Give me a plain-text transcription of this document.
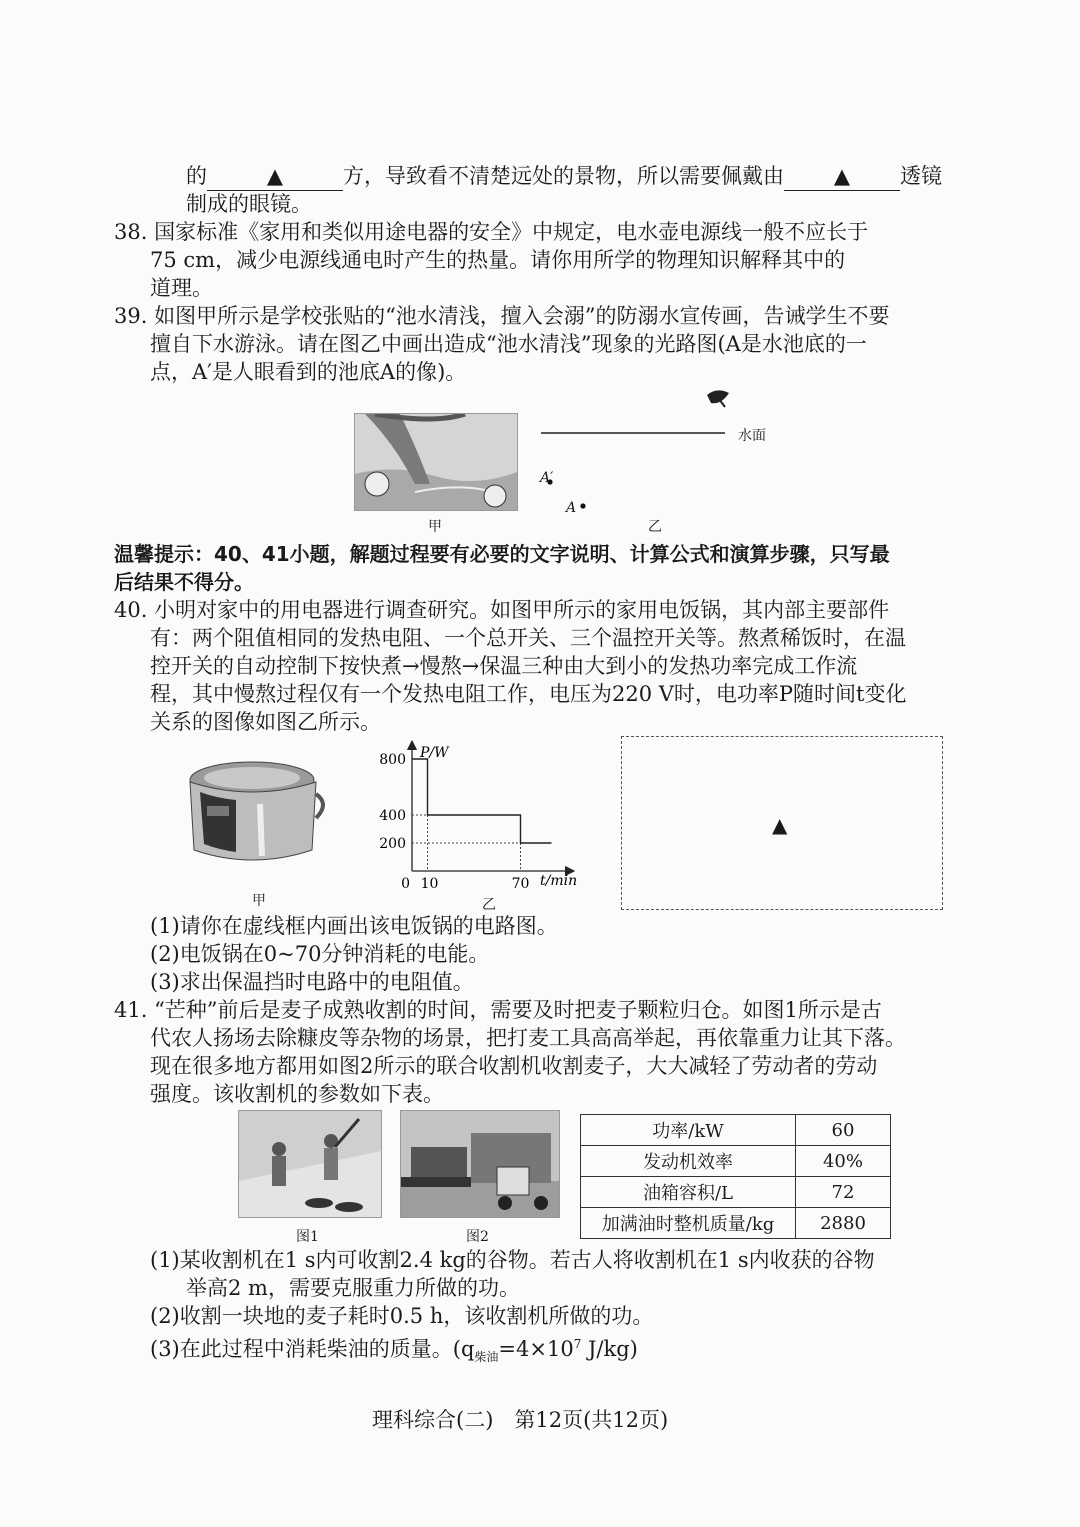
的	▲	方，导致看不清楚远处的景物，所以需要佩戴由 ▲ 透镜
制成的眼镜。
38. 国家标准《家用和类似用途电器的安全》中规定，电水壶电源线一般不应长于
75 cm，减少电源线通电时产生的热量。请你用所学的物理知识解释其中的
道理。
39. 如图甲所示是学校张贴的“池水清浅，擅入会溺”的防溺水宣传画，告诫学生不要
擅自下水游泳。请在图乙中画出造成“池水清浅”现象的光路图(A是水池底的一
点，A′是人眼看到的池底A的像)。
甲
水面
A′
A
乙
温馨提示：40、41小题，解题过程要有必要的文字说明、计算公式和演算步骤，只写最
后结果不得分。
40. 小明对家中的用电器进行调查研究。如图甲所示的家用电饭锅，其内部主要部件
有：两个阻值相同的发热电阻、一个总开关、三个温控开关等。熬煮稀饭时，在温
控开关的自动控制下按快煮→慢熬→保温三种由大到小的发热功率完成工作流
程，其中慢熬过程仅有一个发热电阻工作，电压为220 V时，电功率P随时间t变化
关系的图像如图乙所示。
甲
800
400
200
0 10	70
P/W
t/min
乙
▲
(1)请你在虚线框内画出该电饭锅的电路图。
(2)电饭锅在0~70分钟消耗的电能。
(3)求出保温挡时电路中的电阻值。
41. “芒种”前后是麦子成熟收割的时间，需要及时把麦子颗粒归仓。如图1所示是古
代农人扬场去除糠皮等杂物的场景，把打麦工具高高举起，再依靠重力让其下落。
现在很多地方都用如图2所示的联合收割机收割麦子，大大减轻了劳动者的劳动
强度。该收割机的参数如下表。
图1	图2
功率/kW	60
发动机效率	40%
油箱容积/L	72
加满油时整机质量/kg	2880
(1)某收割机在1 s内可收割2.4 kg的谷物。若古人将收割机在1 s内收获的谷物
举高2 m，需要克服重力所做的功。
(2)收割一块地的麦子耗时0.5 h，该收割机所做的功。
(3)在此过程中消耗柴油的质量。($q_{柴油}=4\times 10^7$ J/kg)
理科综合(二)　第12页(共12页)
